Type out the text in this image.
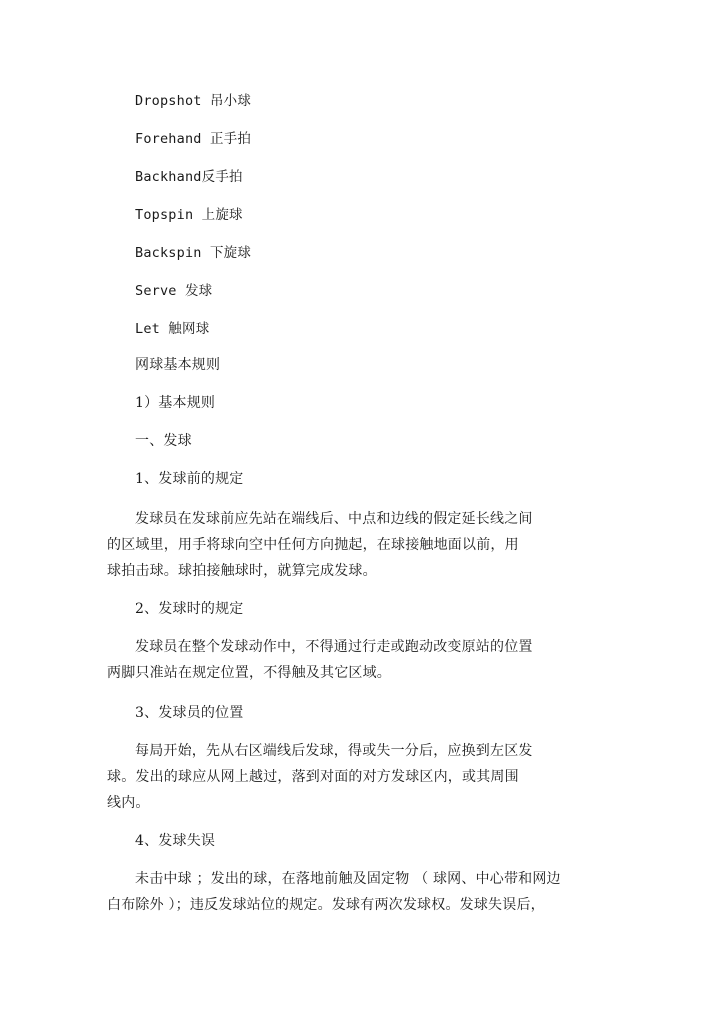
Dropshot 吊小球
Forehand 正手拍
Backhand反手拍
Topspin 上旋球
Backspin 下旋球
Serve 发球
Let 触网球
网球基本规则
1）基本规则
一、发球
1、发球前的规定
发球员在发球前应先站在端线后、中点和边线的假定延长线之间
的区域里，用手将球向空中任何方向抛起，在球接触地面以前，用
球拍击球。球拍接触球时，就算完成发球。
2、发球时的规定
发球员在整个发球动作中，不得通过行走或跑动改变原站的位置
两脚只准站在规定位置，不得触及其它区域。
3、发球员的位置
每局开始，先从右区端线后发球，得或失一分后，应换到左区发
球。发出的球应从网上越过，落到对面的对方发球区内，或其周围
线内。
4、发球失误
未击中球 ；发出的球，在落地前触及固定物 （ 球网、中心带和网边
白布除外 ）；违反发球站位的规定。发球有两次发球权。发球失误后，
